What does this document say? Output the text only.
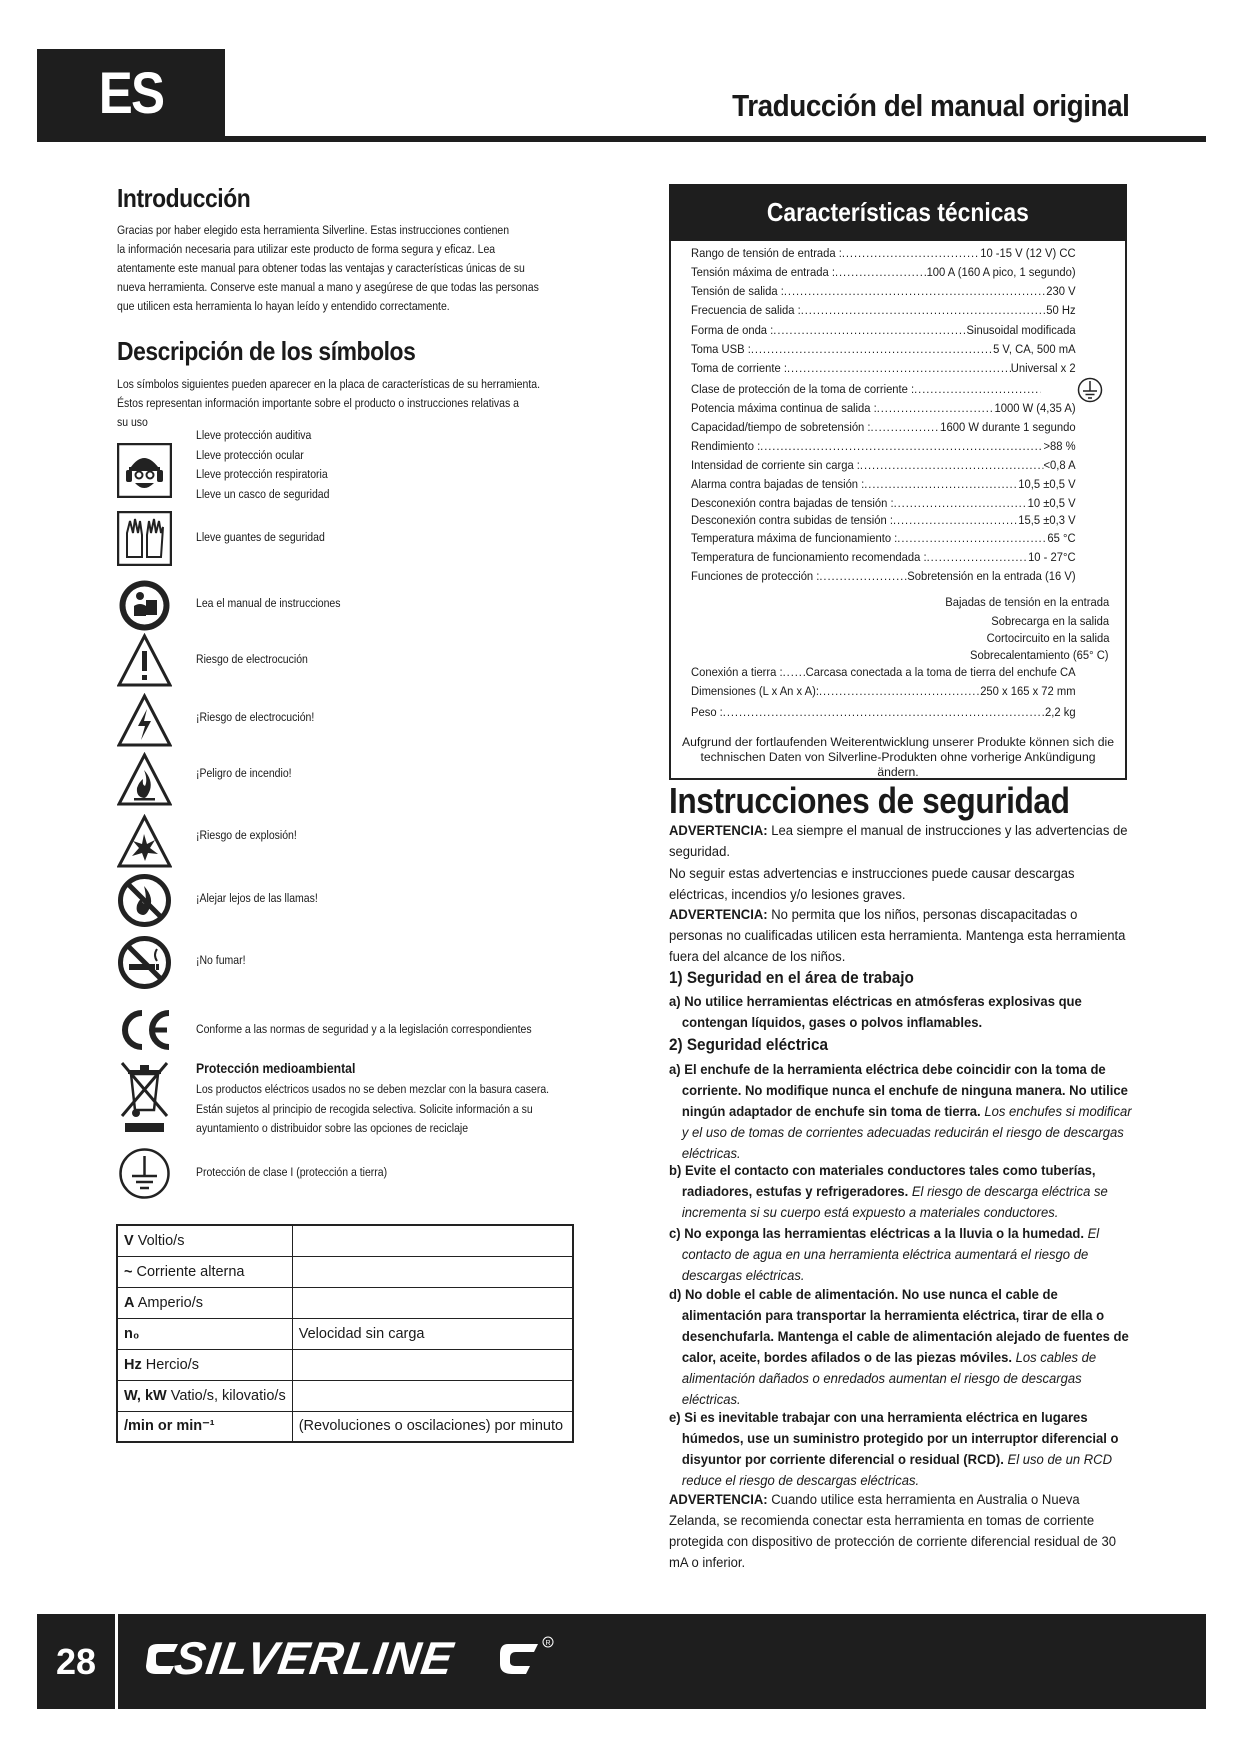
ES	Traducción del manual original
Introducción
Gracias por haber elegido esta herramienta Silverline. Estas instrucciones contienen
la información necesaria para utilizar este producto de forma segura y eficaz. Lea
atentamente este manual para obtener todas las ventajas y características únicas de su
nueva herramienta. Conserve este manual a mano y asegúrese de que todas las personas
que utilicen esta herramienta lo hayan leído y entendido correctamente.
Descripción de los símbolos
Los símbolos siguientes pueden aparecer en la placa de características de su herramienta.
Éstos representan información importante sobre el producto o instrucciones relativas a
su uso
Lleve protección auditiva
Lleve protección ocular
Lleve protección respiratoria
Lleve un casco de seguridad
Lleve guantes de seguridad
Lea el manual de instrucciones
Riesgo de electrocución
¡Riesgo de electrocución!
¡Peligro de incendio!
¡Riesgo de explosión!
¡Alejar lejos de las llamas!
¡No fumar!
Conforme a las normas de seguridad y a la legislación correspondientes
Protección medioambiental
Los productos eléctricos usados no se deben mezclar con la basura casera.
Están sujetos al principio de recogida selectiva. Solicite información a su
ayuntamiento o distribuidor sobre las opciones de reciclaje
Protección de clase I (protección a tierra)
V Voltio/s	
~ Corriente alterna	
A Amperio/s	
n₀	Velocidad sin carga
Hz Hercio/s	
W, kW Vatio/s, kilovatio/s	
/min or min⁻¹	(Revoluciones o oscilaciones) por minuto
Características técnicas
Rango de tensión de entrada : .....	10 -15 V (12 V) CC
Tensión máxima de entrada : .....	100 A (160 A pico, 1 segundo)
Tensión de salida : .....	230 V
Frecuencia de salida : .....	50 Hz
Forma de onda : .....	Sinusoidal modificada
Toma USB : .....	5 V, CA, 500 mA
Toma de corriente : .....	Universal x 2
Clase de protección de la toma de corriente :
.....
Potencia máxima continua de salida : .....	1000 W (4,35 A)
Capacidad/tiempo de sobretensión : .....	1600 W durante 1 segundo
Rendimiento : .....	>88 %
Intensidad de corriente sin carga : .....	<0,8 A
Alarma contra bajadas de tensión : .....	10,5 ±0,5 V
Desconexión contra bajadas de tensión : .....	10 ±0,5 V
Desconexión contra subidas de tensión : .....	15,5 ±0,3 V
Temperatura máxima de funcionamiento : .....	65 °C
Temperatura de funcionamiento recomendada : .....	10 - 27°C
Funciones de protección : .....	Sobretensión en la entrada (16 V)
Conexión a tierra : ..... Carcasa conectada a la toma de tierra del enchufe CA
Dimensiones (L x An x A): .....	250 x 165 x 72 mm
Peso : .....	2,2 kg
Bajadas de tensión en la entrada
Sobrecarga en la salida
Cortocircuito en la salida
Sobrecalentamiento (65° C)
Aufgrund der fortlaufenden Weiterentwicklung unserer Produkte können sich die technischen Daten von Silverline-Produkten ohne vorherige Ankündigung ändern.
Instrucciones de seguridad
ADVERTENCIA: Lea siempre el manual de instrucciones y las advertencias de seguridad.
No seguir estas advertencias e instrucciones puede causar descargas eléctricas, incendios y/o lesiones graves.
ADVERTENCIA: No permita que los niños, personas discapacitadas o personas no cualificadas utilicen esta herramienta. Mantenga esta herramienta fuera del alcance de los niños.
1) Seguridad en el área de trabajo
a) No utilice herramientas eléctricas en atmósferas explosivas que contengan líquidos, gases o polvos inflamables.
2) Seguridad eléctrica
a) El enchufe de la herramienta eléctrica debe coincidir con la toma de corriente. No modifique nunca el enchufe de ninguna manera. No utilice ningún adaptador de enchufe sin toma de tierra. Los enchufes si modificar y el uso de tomas de corrientes adecuadas reducirán el riesgo de descargas eléctricas.
b) Evite el contacto con materiales conductores tales como tuberías, radiadores, estufas y refrigeradores. El riesgo de descarga eléctrica se incrementa si su cuerpo está expuesto a materiales conductores.
c) No exponga las herramientas eléctricas a la lluvia o la humedad. El contacto de agua en una herramienta eléctrica aumentará el riesgo de descargas eléctricas.
d) No doble el cable de alimentación. No use nunca el cable de alimentación para transportar la herramienta eléctrica, tirar de ella o desenchufarla. Mantenga el cable de alimentación alejado de fuentes de calor, aceite, bordes afilados o de las piezas móviles. Los cables de alimentación dañados o enredados aumentan el riesgo de descargas eléctricas.
e) Si es inevitable trabajar con una herramienta eléctrica en lugares húmedos, use un suministro protegido por un interruptor diferencial o disyuntor por corriente diferencial o residual (RCD). El uso de un RCD reduce el riesgo de descargas eléctricas.
ADVERTENCIA: Cuando utilice esta herramienta en Australia o Nueva Zelanda, se recomienda conectar esta herramienta en tomas de corriente protegida con dispositivo de protección de corriente diferencial residual de 30 mA o inferior.
28	SILVERLINE	R
